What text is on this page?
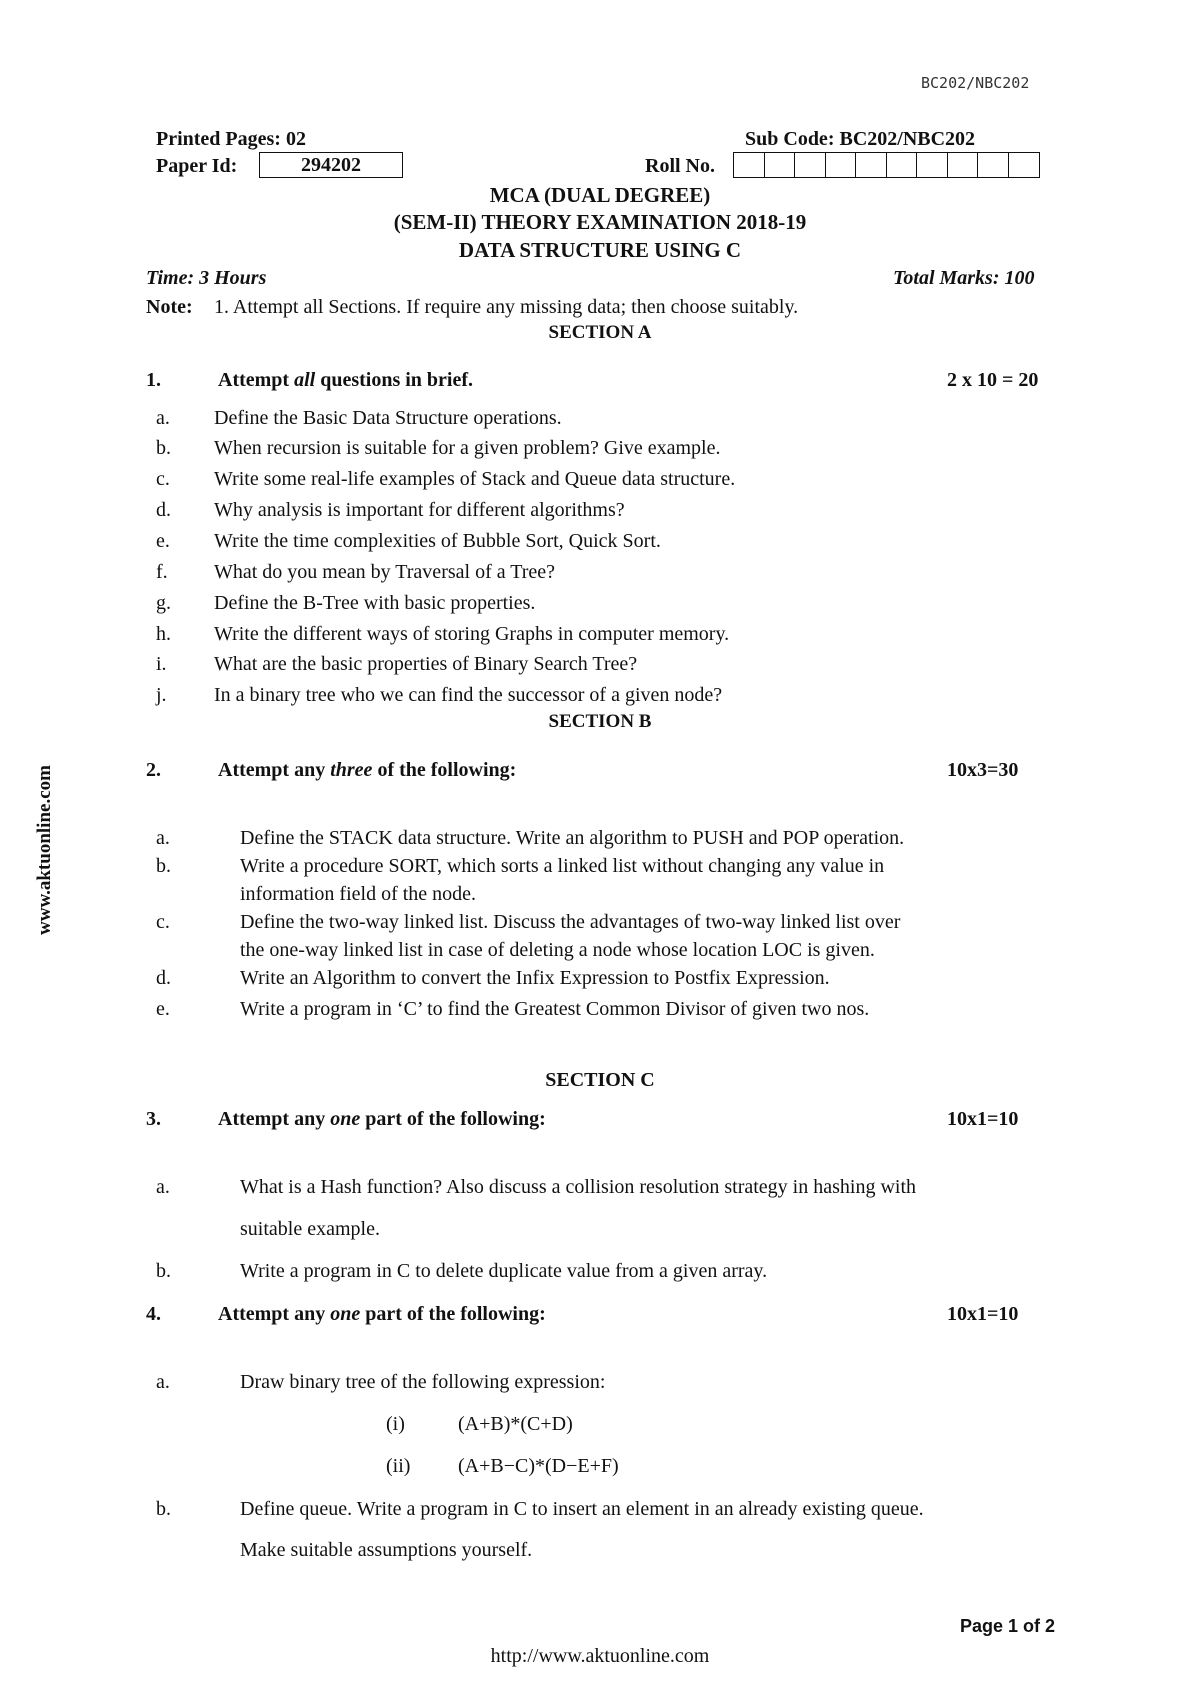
BC202/NBC202
www.aktuonline.com
Printed Pages: 02	Sub Code: BC202/NBC202
Paper Id:	294202	Roll No.
MCA (DUAL DEGREE)
(SEM-II) THEORY EXAMINATION 2018-19
DATA STRUCTURE USING C
Time: 3 Hours	Total Marks: 100
Note: 1. Attempt all Sections. If require any missing data; then choose suitably.
SECTION A
1.	Attempt all questions in brief.	2 x 10 = 20
a. Define the Basic Data Structure operations.
b. When recursion is suitable for a given problem? Give example.
c. Write some real-life examples of Stack and Queue data structure.
d. Why analysis is important for different algorithms?
e. Write the time complexities of Bubble Sort, Quick Sort.
f. What do you mean by Traversal of a Tree?
g. Define the B-Tree with basic properties.
h. Write the different ways of storing Graphs in computer memory.
i. What are the basic properties of Binary Search Tree?
j. In a binary tree who we can find the successor of a given node?
SECTION B
2.	Attempt any three of the following:	10x3=30
a.	Define the STACK data structure. Write an algorithm to PUSH and POP operation.
b.	Write a procedure SORT, which sorts a linked list without changing any value in
information field of the node.
c.	Define the two-way linked list. Discuss the advantages of two-way linked list over
the one-way linked list in case of deleting a node whose location LOC is given.
d.	Write an Algorithm to convert the Infix Expression to Postfix Expression.
e.	Write a program in ‘C’ to find the Greatest Common Divisor of given two nos.
SECTION C
3.	Attempt any one part of the following:	10x1=10
a.	What is a Hash function? Also discuss a collision resolution strategy in hashing with
suitable example.
b.	Write a program in C to delete duplicate value from a given array.
4.	Attempt any one part of the following:	10x1=10
a.	Draw binary tree of the following expression:
(i)	(A+B)*(C+D)
(ii) (A+B−C)*(D−E+F)
b.	Define queue. Write a program in C to insert an element in an already existing queue.
Make suitable assumptions yourself.
Page 1 of 2
http://www.aktuonline.com
